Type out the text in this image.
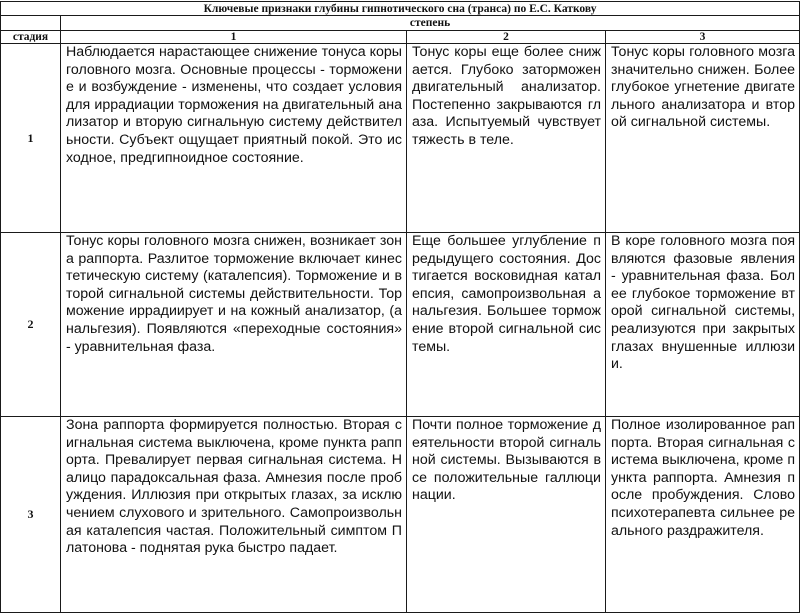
Ключевые признаки глубины гипнотического сна (транса) по Е.С. Каткову			
	степень		
стадия	1	2	3
1	Наблюдается нарастающее снижение тонуса коры головного мозга. Основные процессы - торможение и возбуждение - изменены, что создает условия для иррадиации торможения на двигательный анализатор и вторую сигнальную систему действительности. Субъект ощущает приятный покой. Это исходное, предгипноидное состояние.	Тонус коры еще более снижается. Глубоко заторможен двигательный анализатор. Постепенно закрываются глаза. Испытуемый чувствует тяжесть в теле.	Тонус коры головного мозга значительно снижен. Более глубокое угнетение двигательного анализатора и второй сигнальной системы.
2	Тонус коры головного мозга снижен, возникает зона раппорта. Разлитое торможение включает кинестетическую систему (каталепсия). Торможение и второй сигнальной системы действительности. Торможение иррадиирует и на кожный анализатор, (анальгезия). Появляются «переходные состояния» - уравнительная фаза.	Еще большее углубление предыдущего состояния. Достигается восковидная каталепсия, самопроизвольная анальгезия. Большее торможение второй сигнальной системы.	В коре головного мозга появляются фазовые явления - уравнительная фаза. Более глубокое торможение второй сигнальной системы, реализуются при закрытых глазах внушенные иллюзии.
3	Зона раппорта формируется полностью. Вторая сигнальная система выключена, кроме пункта раппорта. Превалирует первая сигнальная система. Налицо парадоксальная фаза. Амнезия после пробуждения. Иллюзия при открытых глазах, за исключением слухового и зрительного. Самопроизвольная каталепсия частая. Положительный симптом Платонова - поднятая рука быстро падает.	Почти полное торможение деятельности второй сигнальной системы. Вызываются все положительные галлюцинации.	Полное изолированное раппорта. Вторая сигнальная система выключена, кроме пункта раппорта. Амнезия после пробуждения. Слово психотерапевта сильнее реального раздражителя.
